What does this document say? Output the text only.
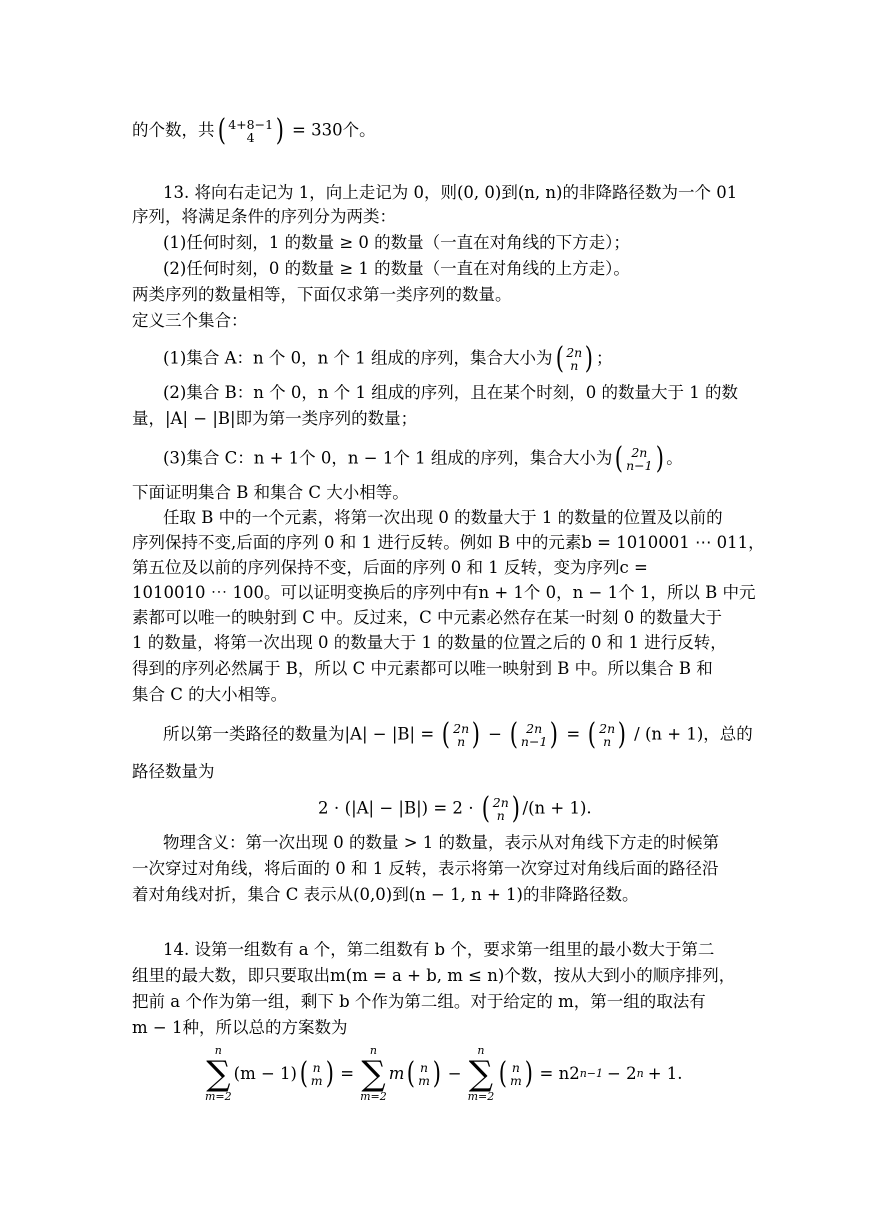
的个数，共 ( 4+8−1
4 ) = 330个。
13. 将向右走记为 1，向上走记为 0，则(0, 0)到(n, n)的非降路径数为一个 01
序列，将满足条件的序列分为两类：
(1)任何时刻，1 的数量 ≥ 0 的数量（一直在对角线的下方走）；
(2)任何时刻，0 的数量 ≥ 1 的数量（一直在对角线的上方走）。
两类序列的数量相等，下面仅求第一类序列的数量。
定义三个集合：
(1)集合 A：n 个 0，n 个 1 组成的序列，集合大小为 ( 2n
n ) ；
(2)集合 B：n 个 0，n 个 1 组成的序列，且在某个时刻，0 的数量大于 1 的数
量，|A| − |B|即为第一类序列的数量；
(3)集合 C：n + 1个 0，n − 1个 1 组成的序列，集合大小为 ( 2n
n−1 ) 。
下面证明集合 B 和集合 C 大小相等。
任取 B 中的一个元素，将第一次出现 0 的数量大于 1 的数量的位置及以前的
序列保持不变,后面的序列 0 和 1 进行反转。例如 B 中的元素b = 1010001 ⋯ 011，
第五位及以前的序列保持不变，后面的序列 0 和 1 反转，变为序列c =
1010010 ⋯ 100。可以证明变换后的序列中有n + 1个 0，n − 1个 1，所以 B 中元
素都可以唯一的映射到 C 中。反过来，C 中元素必然存在某一时刻 0 的数量大于
1 的数量，将第一次出现 0 的数量大于 1 的数量的位置之后的 0 和 1 进行反转，
得到的序列必然属于 B，所以 C 中元素都可以唯一映射到 B 中。所以集合 B 和
集合 C 的大小相等。
所以第一类路径的数量为|A| − |B| = ( 2n
n ) − ( 2n
n−1 ) = ( 2n
n ) / (n + 1)，总的
路径数量为
2 ⋅ (|A| − |B|) = 2 ⋅ ( 2n
n ) /(n + 1).
物理含义：第一次出现 0 的数量 > 1 的数量，表示从对角线下方走的时候第
一次穿过对角线，将后面的 0 和 1 反转，表示将第一次穿过对角线后面的路径沿
着对角线对折，集合 C 表示从(0,0)到(n − 1, n + 1)的非降路径数。
14. 设第一组数有 a 个，第二组数有 b 个，要求第一组里的最小数大于第二
组里的最大数，即只要取出m(m = a + b, m ≤ n)个数，按从大到小的顺序排列，
把前 a 个作为第一组，剩下 b 个作为第二组。对于给定的 m，第一组的取法有
m − 1种，所以总的方案数为
n
∑
m=2
(m − 1) ( n
m ) =
n
∑
m=2
m ( n
m ) −
n
∑
m=2
( n
m ) = n2 n−1 − 2 n + 1.
